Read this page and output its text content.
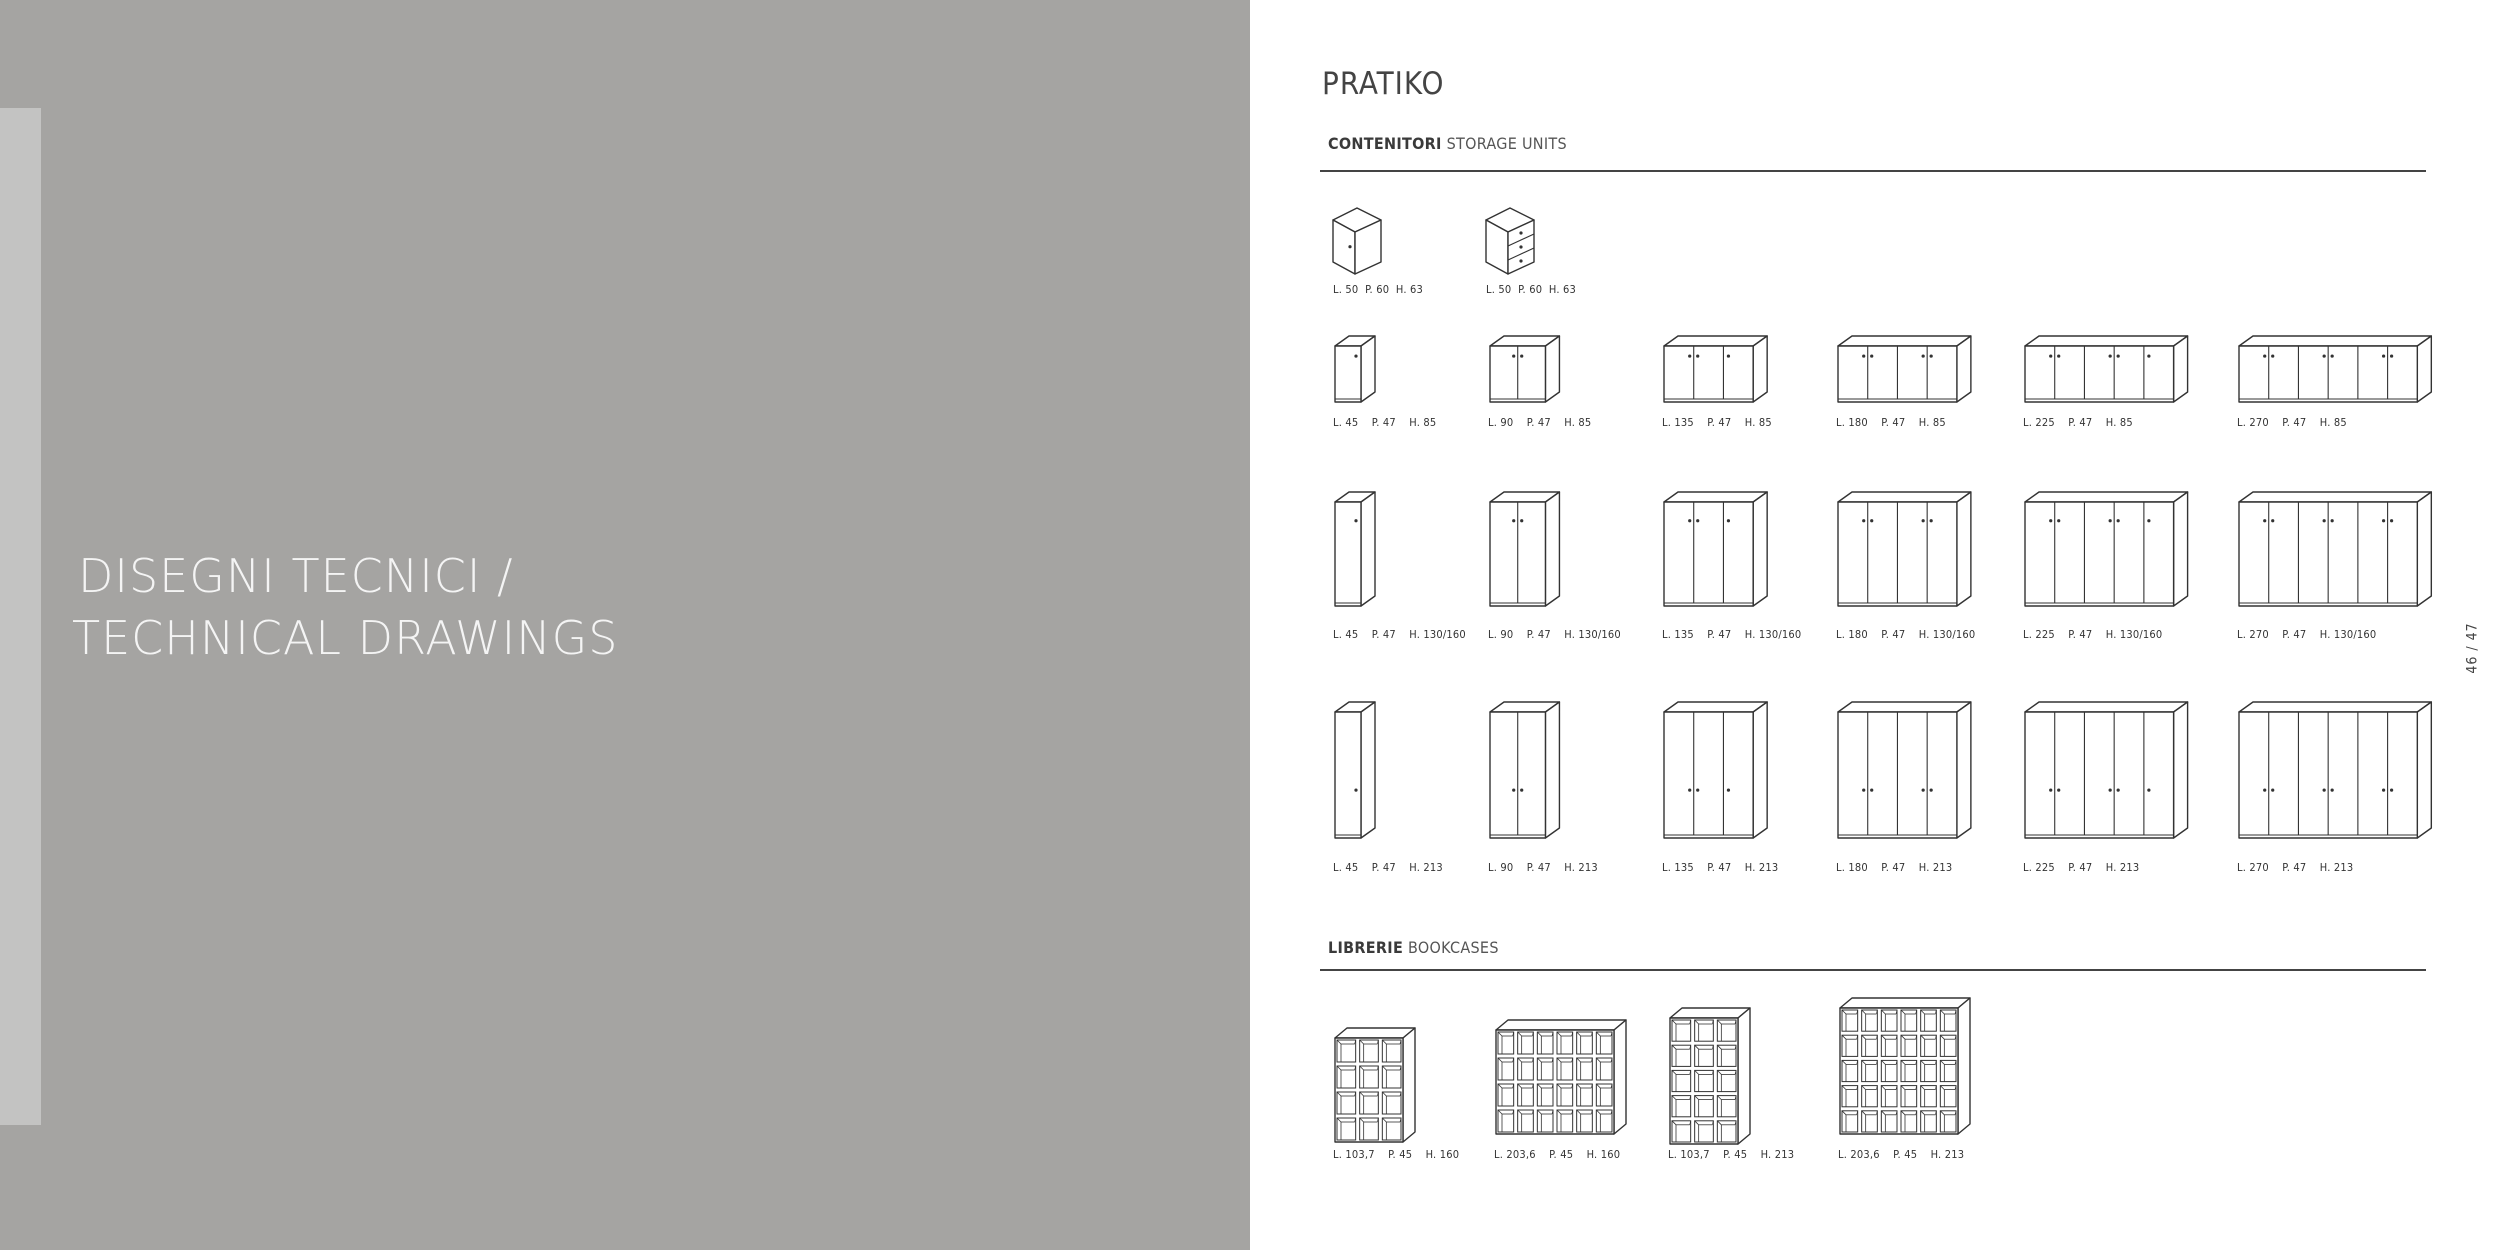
DISEGNI TECNICI /
TECHNICAL DRAWINGS
PRATIKO
CONTENITORI STORAGE UNITS
LIBRERIE BOOKCASES
46 / 47
L. 50  P. 60  H. 63	L. 50  P. 60  H. 63
L. 45    P. 47    H. 85	L. 90    P. 47    H. 85	L. 135    P. 47    H. 85	L. 180    P. 47    H. 85	L. 225    P. 47    H. 85	L. 270    P. 47    H. 85
L. 45    P. 47    H. 130/160 L. 90    P. 47    H. 130/160	L. 135    P. 47    H. 130/160	L. 180    P. 47    H. 130/160	L. 225    P. 47    H. 130/160	L. 270    P. 47    H. 130/160
L. 45    P. 47    H. 213	L. 90    P. 47    H. 213	L. 135    P. 47    H. 213	L. 180    P. 47    H. 213	L. 225    P. 47    H. 213	L. 270    P. 47    H. 213
L. 103,7    P. 45    H. 160	L. 203,6    P. 45    H. 160	L. 103,7    P. 45    H. 213	L. 203,6    P. 45    H. 213
